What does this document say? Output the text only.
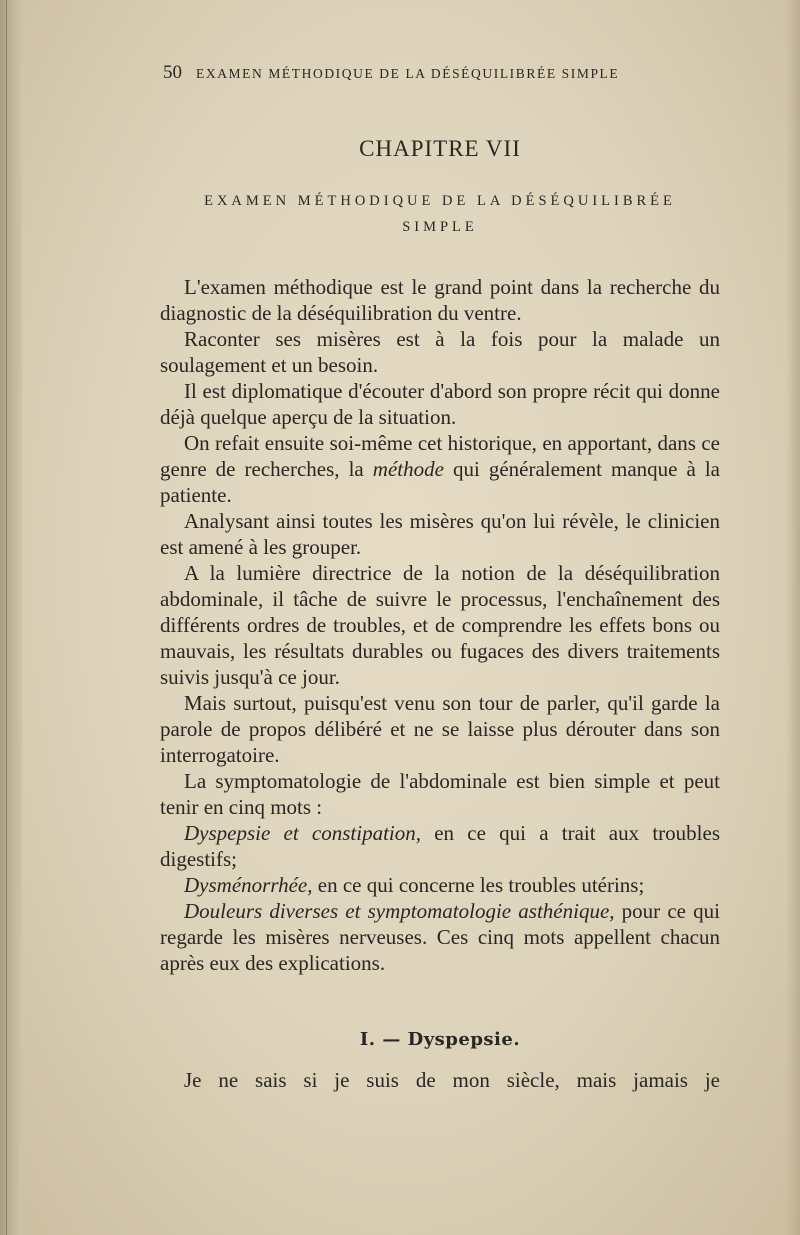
50 EXAMEN MÉTHODIQUE DE LA DÉSÉQUILIBRÉE SIMPLE
CHAPITRE VII
EXAMEN MÉTHODIQUE DE LA DÉSÉQUILIBRÉE
SIMPLE

L'examen méthodique est le grand point dans la recherche du diagnostic de la déséquilibration du ventre.

Raconter ses misères est à la fois pour la malade un soulagement et un besoin.

Il est diplomatique d'écouter d'abord son propre récit qui donne déjà quelque aperçu de la situation.

On refait ensuite soi-même cet historique, en apportant, dans ce genre de recherches, la méthode qui généralement manque à la patiente.

Analysant ainsi toutes les misères qu'on lui révèle, le clinicien est amené à les grouper.

A la lumière directrice de la notion de la déséquilibration abdominale, il tâche de suivre le processus, l'enchaînement des différents ordres de troubles, et de comprendre les effets bons ou mauvais, les résultats durables ou fugaces des divers traitements suivis jusqu'à ce jour.

Mais surtout, puisqu'est venu son tour de parler, qu'il garde la parole de propos délibéré et ne se laisse plus dérouter dans son interrogatoire.

La symptomatologie de l'abdominale est bien simple et peut tenir en cinq mots :

Dyspepsie et constipation, en ce qui a trait aux troubles digestifs;

Dysménorrhée, en ce qui concerne les troubles utérins;

Douleurs diverses et symptomatologie asthénique, pour ce qui regarde les misères nerveuses. Ces cinq mots appellent chacun après eux des explications.

I. — Dyspepsie.
Je ne sais si je suis de mon siècle, mais jamais je
